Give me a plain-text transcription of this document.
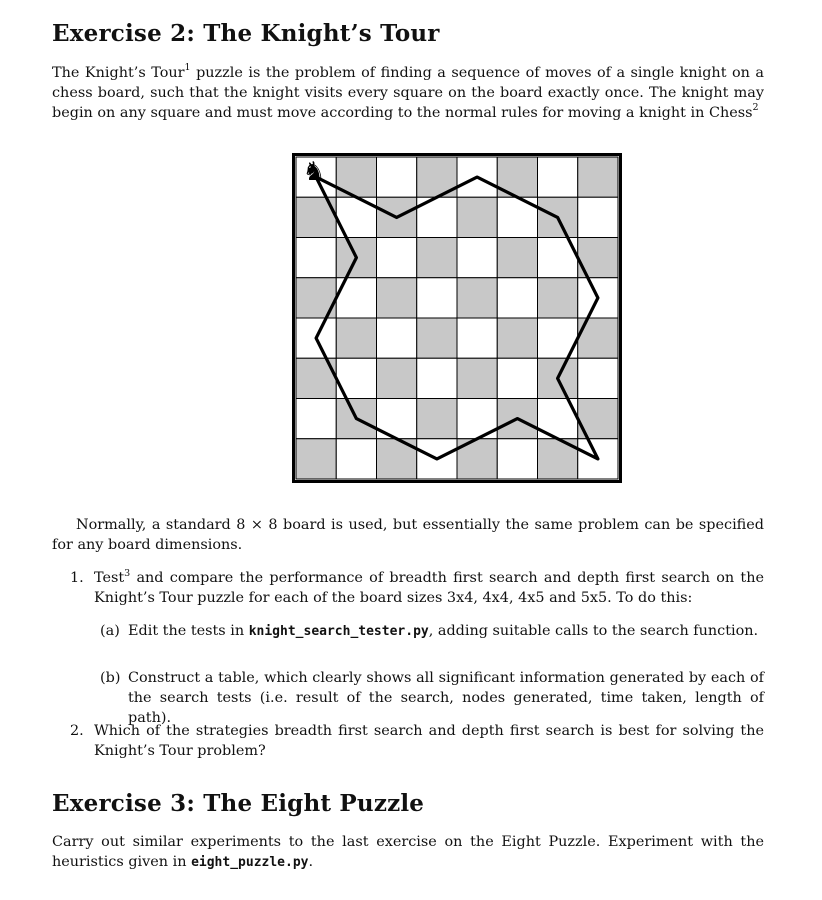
Exercise 2: The Knight’s Tour

The Knight’s Tour$^1$ puzzle is the problem of finding a sequence of moves of a single knight on a chess board, such that the knight visits every square on the board exactly once. The knight may begin on any square and must move according to the normal rules for moving a knight in Chess$^2$

♞

Normally, a standard 8 × 8 board is used, but essentially the same problem can be specified for any board dimensions.

1. Test$^3$ and compare the performance of breadth first search and depth first search on the Knight’s Tour puzzle for each of the board sizes 3x4, 4x4, 4x5 and 5x5. To do this:
(a) Edit the tests in knight_search_tester.py, adding suitable calls to the search function.
(b) Construct a table, which clearly shows all significant information generated by each of the search tests (i.e. result of the search, nodes generated, time taken, length of path).
2. Which of the strategies breadth first search and depth first search is best for solving the Knight’s Tour problem?
Exercise 3: The Eight Puzzle

Carry out similar experiments to the last exercise on the Eight Puzzle. Experiment with the heuristics given in eight_puzzle.py.
